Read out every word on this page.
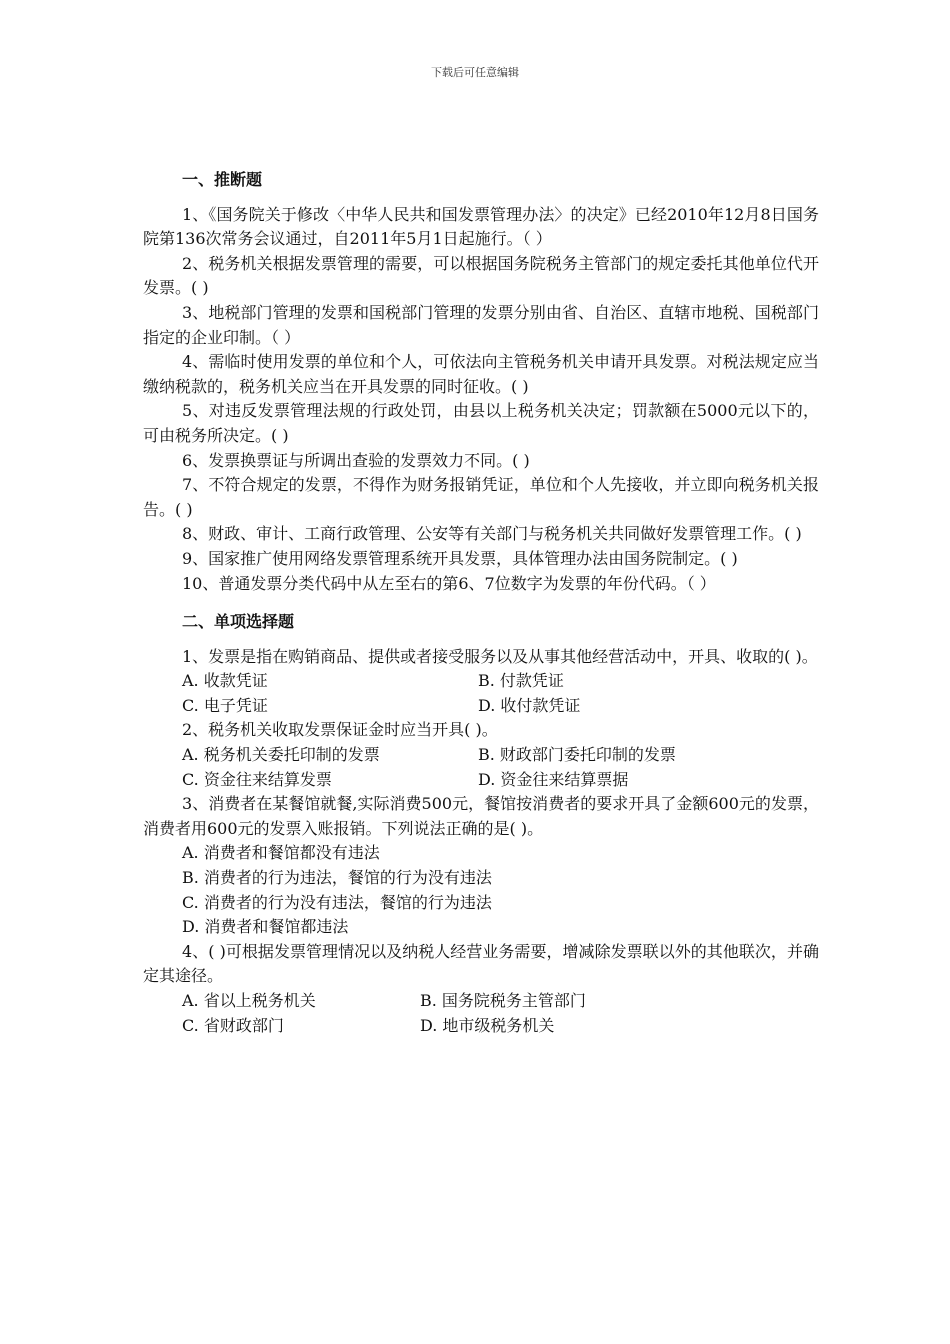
下载后可任意编辑
一、推断题

1、《国务院关于修改〈中华人民共和国发票管理办法〉的决定》已经2010年12月8日国务院第136次常务会议通过，自2011年5月1日起施行。（ ）

2、税务机关根据发票管理的需要，可以根据国务院税务主管部门的规定委托其他单位代开发票。( )

3、地税部门管理的发票和国税部门管理的发票分别由省、自治区、直辖市地税、国税部门指定的企业印制。（ ）

4、需临时使用发票的单位和个人，可依法向主管税务机关申请开具发票。对税法规定应当缴纳税款的，税务机关应当在开具发票的同时征收。( )

5、对违反发票管理法规的行政处罚，由县以上税务机关决定；罚款额在5000元以下的，可由税务所决定。( )

6、发票换票证与所调出查验的发票效力不同。( )

7、不符合规定的发票，不得作为财务报销凭证，单位和个人先接收，并立即向税务机关报告。( )

8、财政、审计、工商行政管理、公安等有关部门与税务机关共同做好发票管理工作。( )

9、国家推广使用网络发票管理系统开具发票，具体管理办法由国务院制定。( )

10、普通发票分类代码中从左至右的第6、7位数字为发票的年份代码。（ ）

二、单项选择题

1、发票是指在购销商品、提供或者接受服务以及从事其他经营活动中，开具、收取的( )。

A. 收款凭证	B. 付款凭证
C. 电子凭证	D. 收付款凭证

2、税务机关收取发票保证金时应当开具( )。

A. 税务机关委托印制的发票	B. 财政部门委托印制的发票
C. 资金往来结算发票	D. 资金往来结算票据

3、消费者在某餐馆就餐,实际消费500元，餐馆按消费者的要求开具了金额600元的发票，消费者用600元的发票入账报销。下列说法正确的是( )。

A. 消费者和餐馆都没有违法

B. 消费者的行为违法，餐馆的行为没有违法

C. 消费者的行为没有违法，餐馆的行为违法

D. 消费者和餐馆都违法

4、( )可根据发票管理情况以及纳税人经营业务需要，增减除发票联以外的其他联次，并确定其途径。

A. 省以上税务机关	B. 国务院税务主管部门
C. 省财政部门	D. 地市级税务机关
